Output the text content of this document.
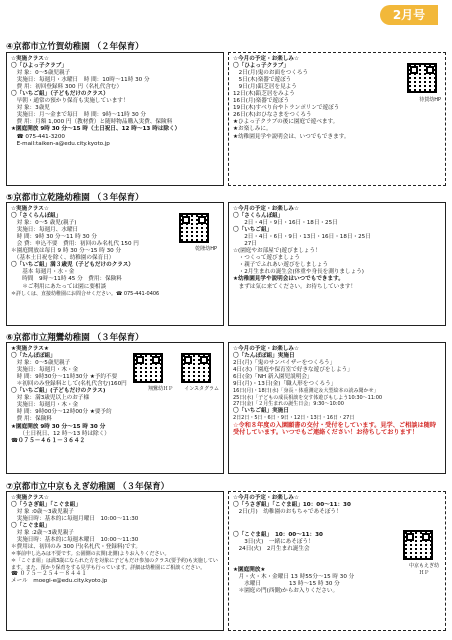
2月号
④京都市立竹賀幼稚園 （２年保育）
☆実施クラス☆
〇「ひよっ子クラブ」
　対 象：0〜5歳児親子
　実施日：毎週月・水曜日　時 間：10時〜11時 30 分
　費 用：初回登録料 300 円（名札代含む）
〇「いちご組」（子どもだけのクラス）
　早朝・通常の預かり保育も実施しています！
　対 象：3歳児
　実施日：月〜金まで毎日　時 間：9時〜11時 30 分
　費 用：月額 1,000 円（教材費）と随時物品購入実費、保険料
★園庭開放 9時 30 分〜15 時（土日祝日、12 時〜13 時は除く）
　☎ 075-441-3200
　E-mail:taiken-a@edu.city.kyoto.jp
☆今月の予定・お楽しみ☆
〇「ひよっ子クラブ」
　2日(月)鬼のお面をつくろう
　5日(木)楽器で遊ぼう
　9日(月)鉛芝居を見よう
12日(木)鉛芝居をみよう
16日(月)楽器で遊ぼう
19日(木)すべり台やトランポリンで遊ぼう
26日(木)おひなさまをつくろう
★ひよっ子クラブの後に園庭で遊べます。
★お楽しみに。
★幼稚園見学や説明会は、いつでもできます。
待賀幼HP
⑤京都市立乾隆幼稚園 （３年保育）
☆実施クラス☆
〇「さくらんぼ組」
　対 象：0〜5 歳児(親子)
　実施日：毎週月、水曜日
　時 間：9時 30 分〜11 時 30 分
　会 費：申込不要　費用：初回のみ名札代 150 円
＊園庭開放は毎日 9 時 30 分〜15 時 30 分
　（基本土日祝を除く、幼稚園の保育日）
〇「いちご組」満３歳児（子どもだけのクラス）
　　基本 毎週月・水・金
　　時間　9時〜11時 45 分　費用：保険料
　　＊ご利用にあたっては園に要相談
＊詳しくは、直接幼稚園にお問合せください。☎ 075-441-0406
乾隆幼HP
☆今月の予定・お楽しみ☆
〇「さくらんぼ組」
　　2日・4日・9日・16日・18日・25日
〇「いちご組」
　　2日・4日・6日・9日・13日・16日・18日・25日
　　27日
☆(園庭やお部屋で)遊びましょう！
　・つくって遊びましょう
　・親子でふれあい遊びをしましょう
　・2月生まれの誕生会(体重や身長を測りましょう)
★幼稚園見学や説明会はいつでもできます。
　まずは気に来てください。お待ちしています！
⑥京都市立翔鸞幼稚園 （３年保育）
★実施クラス★
〇「たんぽぽ組」
　対 象：0〜5歳児親子
　実施日：毎週月・木・金
　時 間：9時30分〜11時30分 ★予約不要
　＊初回のみ登録料として(名札代含む)160円
〇「いちご組」(子どもだけのクラス)
　対 象：満3歳児以上のお子様
　実施日：毎週月・木・金
　時 間：9時00分〜12時00分 ★要予約
　費 用：保険料
★園庭開放 9時 30 分〜15 時 30 分
　　（土日祝日、12 時〜13 時は除く）
☎０７５－４６１－３６４２
翔鸞幼ＨＰ インスタグラム
☆今月の予定・お楽しみ☆
〇「たんぽぽ組」実施日
2日(月)「鬼のサンバイザーをつくろう」
4日(水)「園庭や保育室で好きな遊びをしよう」
6日(金)「NH 新入園児説明会」
9日(月)・13日(金)「職人形をつくろう」
16日(月)・18日(水)「身長・体重測定＆大型絵本の読み聞かせ」
25日(水)「子どもの成長相談を交す体遊びもしよう10:30〜11:00
27日(金)「２月生まれの誕生日会」9:30〜10:00
〇「いちご組」実施日
2日2日・5日・6日・9日・12日・13日・16日・27日
☆令和８年度の入園願書の交付・受付をしています。見学、ご相談は随時受付しています。いつでもご連絡ください！お待ちしております！
⑦京都市立中京もえぎ幼稚園 （３年保育）
☆実施クラス☆
〇「うさぎ組」「こぐま組」
　対 象 :0歳〜3歳児親子
　実施日時：基本的に毎週月曜日　10:00〜11:30
〇「こぐま組」
　対 象 :2歳〜3歳児親子
　実施日時：基本的に毎週木曜日　10:00〜11:30
＊費用は、初回のみ 300 円(名札代・登録料)です。
＊事前申し込みは不要です。公園側の玄関(北側)よりお入りください。
＊「こぐま組」は満3歳になられた方を対象に子どもだけ参加のクラス(要予約)も実施しています。また、預かり保育をする見学も行っています。詳細は幼稚園にご相談ください。
☎ ０７５－２５４－８４４１
メール　moegi-e@edu.city.kyoto.jp
☆今月の予定・お楽しみ☆
〇「うさぎ組」「こぐま組」10：00〜11：30
　2日(月)　幼稚園のおもちゃであそぼう！
〇「こぐま組」　10：00〜11：30
　　3日(火)　一緒にあそぼう！
　24日(火)　2月生まれ誕生会
★園庭開放★
　月・火・木・金曜日 13 時55分〜15 時 30 分
　　水曜日　　　　　13 時〜15 時 30 分
　＊園庭の門(西側)からお入りください。
中京もえぎ幼
ＨＰ
